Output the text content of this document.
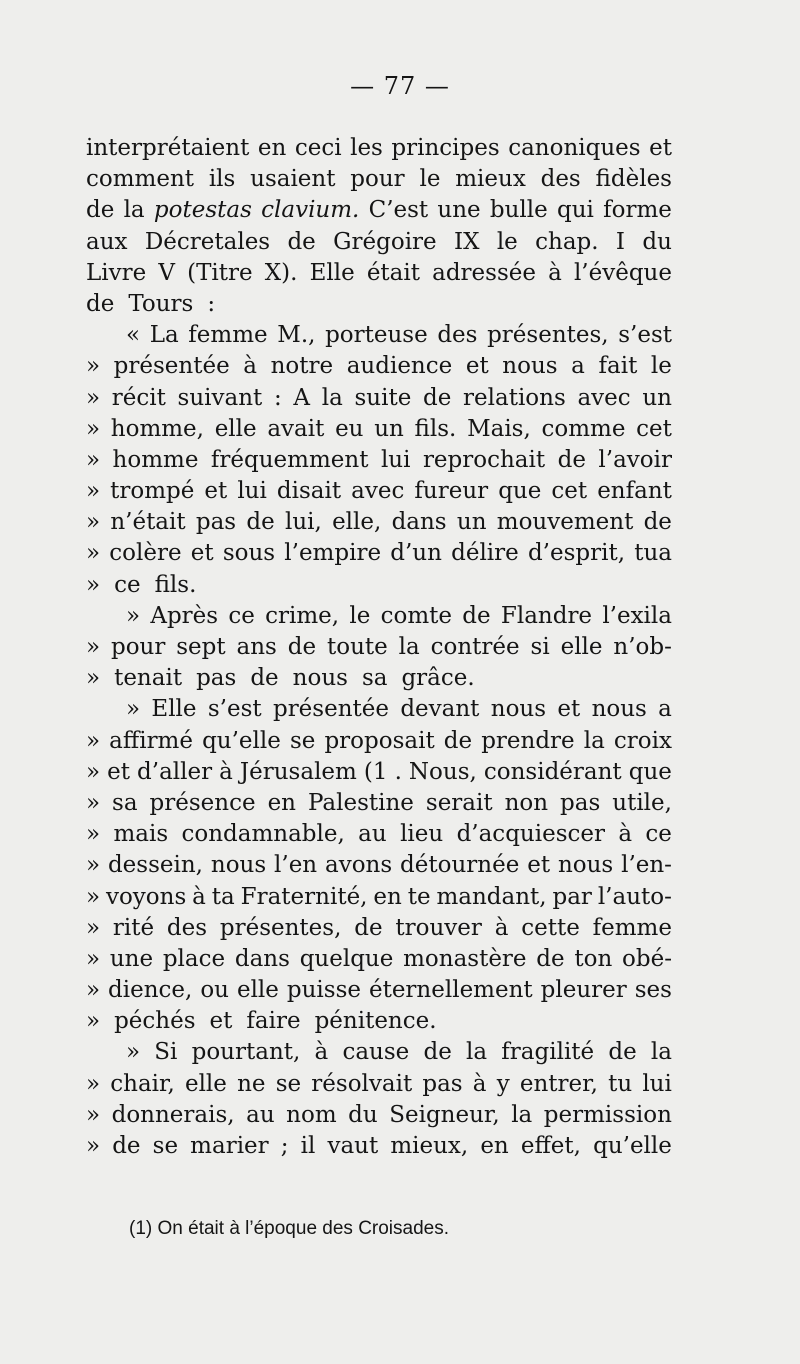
— 77 —
interprétaient en ceci les principes canoniques et
comment ils usaient pour le mieux des fidèles
de la potestas clavium. C’est une bulle qui forme
aux Décretales de Grégoire IX le chap. I du
Livre V (Titre X). Elle était adressée à l’évêque
de Tours :
« La femme M., porteuse des présentes, s’est
» présentée à notre audience et nous a fait le
» récit suivant : A la suite de relations avec un
» homme, elle avait eu un fils. Mais, comme cet
» homme fréquemment lui reprochait de l’avoir
» trompé et lui disait avec fureur que cet enfant
» n’était pas de lui, elle, dans un mouvement de
» colère et sous l’empire d’un délire d’esprit, tua
» ce fils.
» Après ce crime, le comte de Flandre l’exila
» pour sept ans de toute la contrée si elle n’ob-
» tenait pas de nous sa grâce.
» Elle s’est présentée devant nous et nous a
» affirmé qu’elle se proposait de prendre la croix
» et d’aller à Jérusalem (1 . Nous, considérant que
» sa présence en Palestine serait non pas utile,
» mais condamnable, au lieu d’acquiescer à ce
» dessein, nous l’en avons détournée et nous l’en-
» voyons à ta Fraternité, en te mandant, par l’auto-
» rité des présentes, de trouver à cette femme
» une place dans quelque monastère de ton obé-
» dience, ou elle puisse éternellement pleurer ses
» péchés et faire pénitence.
» Si pourtant, à cause de la fragilité de la
» chair, elle ne se résolvait pas à y entrer, tu lui
» donnerais, au nom du Seigneur, la permission
» de se marier ; il vaut mieux, en effet, qu’elle
(1) On était à l’époque des Croisades.
